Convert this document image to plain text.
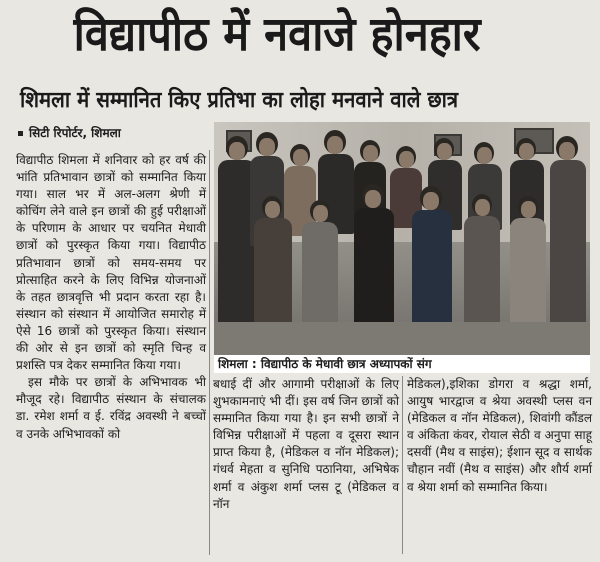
विद्यापीठ में नवाजे होनहार
शिमला में सम्मानित किए प्रतिभा का लोहा मनवाने वाले छात्र
सिटी रिपोर्टर, शिमला

विद्यापीठ शिमला में शनिवार को हर वर्ष की भांति प्रतिभावान छात्रों को सम्मानित किया गया। साल भर में अल-अलग श्रेणी में कोचिंग लेने वाले इन छात्रों की हुई परीक्षाओं के परिणाम के आधार पर चयनित मेधावी छात्रों को पुरस्कृत किया गया। विद्यापीठ प्रतिभावान छात्रों को समय-समय पर प्रोत्साहित करने के लिए विभिन्न योजनाओं के तहत छात्रवृत्ति भी प्रदान करता रहा है। संस्थान को संस्थान में आयोजित समारोह में ऐसे 16 छात्रों को पुरस्कृत किया। संस्थान की ओर से इन छात्रों को स्मृति चिन्ह व प्रशस्ति पत्र देकर सम्मानित किया गया।

इस मौके पर छात्रों के अभिभावक भी मौजूद रहे। विद्यापीठ संस्थान के संचालक डा. रमेश शर्मा व ई. रविंद्र अवस्थी ने बच्चों व उनके अभिभावकों को

शिमला : विद्यापीठ के मेधावी छात्र अध्यापकों संग
बधाई दीं और आगामी परीक्षाओं के लिए शुभकामनाएं भी दीं। इस वर्ष जिन छात्रों को सम्मानित किया गया है। इन सभी छात्रों ने विभिन्न परीक्षाओं में पहला व दूसरा स्थान प्राप्त किया है, (मेडिकल व नॉन मेडिकल); गंधर्व मेहता व सुनिधि पठानिया, अभिषेक शर्मा व अंकुश शर्मा प्लस टू (मेडिकल व नॉन
मेडिकल),इशिका डोगरा व श्रद्धा शर्मा, आयुष भारद्वाज व श्रेया अवस्थी प्लस वन (मेडिकल व नॉन मेडिकल), शिवांगी कौंडल व अंकिता कंवर, रोयाल सेठी व अनुपा साहू दसवीं (मैथ व साइंस); ईशान सूद व सार्थक चौहान नवीं (मैथ व साइंस) और शौर्य शर्मा व श्रेया शर्मा को सम्मानित किया।
